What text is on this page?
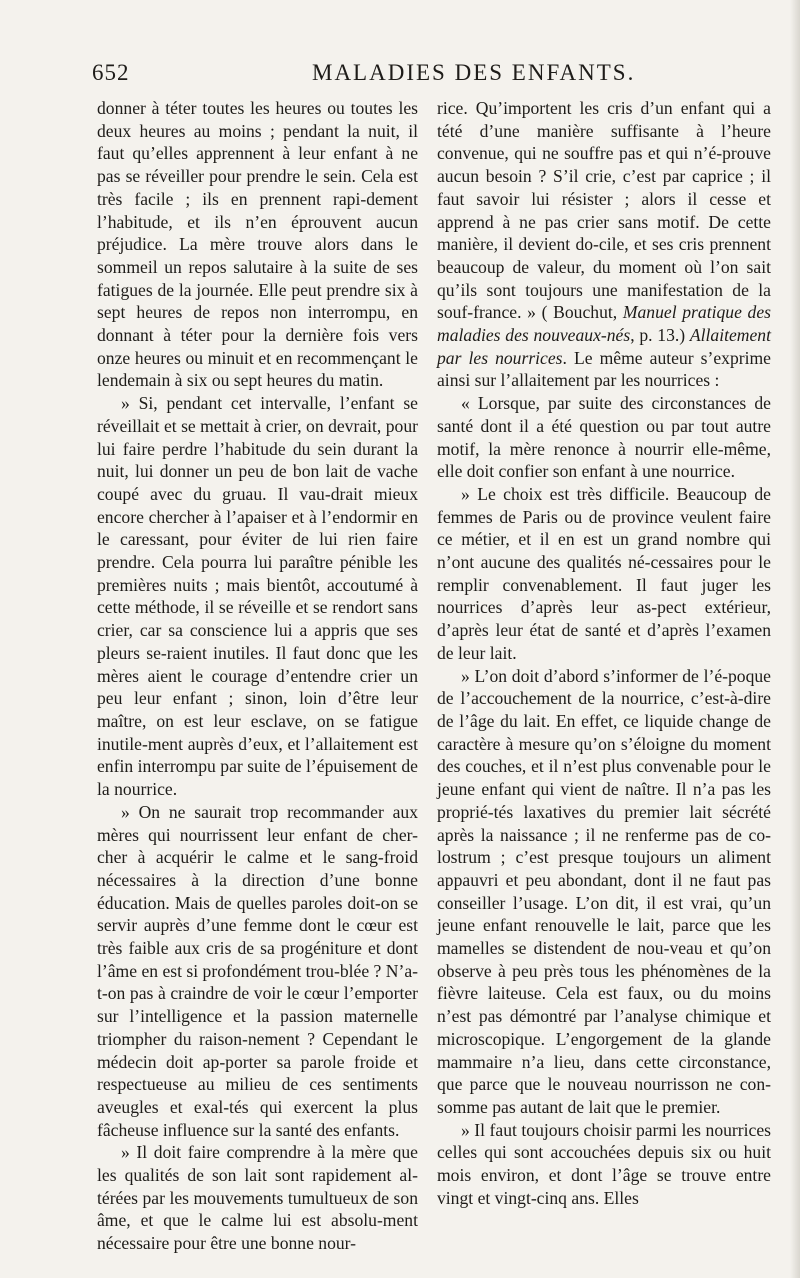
652	MALADIES DES ENFANTS.

donner à téter toutes les heures ou toutes les deux heures au moins ; pendant la nuit, il faut qu’elles apprennent à leur enfant à ne pas se réveiller pour prendre le sein. Cela est très facile ; ils en prennent rapi-dement l’habitude, et ils n’en éprouvent aucun préjudice. La mère trouve alors dans le sommeil un repos salutaire à la suite de ses fatigues de la journée. Elle peut prendre six à sept heures de repos non interrompu, en donnant à téter pour la dernière fois vers onze heures ou minuit et en recommençant le lendemain à six ou sept heures du matin.

» Si, pendant cet intervalle, l’enfant se réveillait et se mettait à crier, on devrait, pour lui faire perdre l’habitude du sein durant la nuit, lui donner un peu de bon lait de vache coupé avec du gruau. Il vau-drait mieux encore chercher à l’apaiser et à l’endormir en le caressant, pour éviter de lui rien faire prendre. Cela pourra lui paraître pénible les premières nuits ; mais bientôt, accoutumé à cette méthode, il se réveille et se rendort sans crier, car sa conscience lui a appris que ses pleurs se-raient inutiles. Il faut donc que les mères aient le courage d’entendre crier un peu leur enfant ; sinon, loin d’être leur maître, on est leur esclave, on se fatigue inutile-ment auprès d’eux, et l’allaitement est enfin interrompu par suite de l’épuisement de la nourrice.

» On ne saurait trop recommander aux mères qui nourrissent leur enfant de cher-cher à acquérir le calme et le sang-froid nécessaires à la direction d’une bonne éducation. Mais de quelles paroles doit-on se servir auprès d’une femme dont le cœur est très faible aux cris de sa progéniture et dont l’âme en est si profondément trou-blée ? N’a-t-on pas à craindre de voir le cœur l’emporter sur l’intelligence et la passion maternelle triompher du raison-nement ? Cependant le médecin doit ap-porter sa parole froide et respectueuse au milieu de ces sentiments aveugles et exal-tés qui exercent la plus fâcheuse influence sur la santé des enfants.

» Il doit faire comprendre à la mère que les qualités de son lait sont rapidement al-térées par les mouvements tumultueux de son âme, et que le calme lui est absolu-ment nécessaire pour être une bonne nour-

rice. Qu’importent les cris d’un enfant qui a tété d’une manière suffisante à l’heure convenue, qui ne souffre pas et qui n’é-prouve aucun besoin ? S’il crie, c’est par caprice ; il faut savoir lui résister ; alors il cesse et apprend à ne pas crier sans motif. De cette manière, il devient do-cile, et ses cris prennent beaucoup de valeur, du moment où l’on sait qu’ils sont toujours une manifestation de la souf-france. » ( Bouchut, Manuel pratique des maladies des nouveaux-nés, p. 13.) Allaitement par les nourrices. Le même auteur s’exprime ainsi sur l’allaitement par les nourrices :

« Lorsque, par suite des circonstances de santé dont il a été question ou par tout autre motif, la mère renonce à nourrir elle-même, elle doit confier son enfant à une nourrice.

» Le choix est très difficile. Beaucoup de femmes de Paris ou de province veulent faire ce métier, et il en est un grand nombre qui n’ont aucune des qualités né-cessaires pour le remplir convenablement. Il faut juger les nourrices d’après leur as-pect extérieur, d’après leur état de santé et d’après l’examen de leur lait.

» L’on doit d’abord s’informer de l’é-poque de l’accouchement de la nourrice, c’est-à-dire de l’âge du lait. En effet, ce liquide change de caractère à mesure qu’on s’éloigne du moment des couches, et il n’est plus convenable pour le jeune enfant qui vient de naître. Il n’a pas les proprié-tés laxatives du premier lait sécrété après la naissance ; il ne renferme pas de co-lostrum ; c’est presque toujours un aliment appauvri et peu abondant, dont il ne faut pas conseiller l’usage. L’on dit, il est vrai, qu’un jeune enfant renouvelle le lait, parce que les mamelles se distendent de nou-veau et qu’on observe à peu près tous les phénomènes de la fièvre laiteuse. Cela est faux, ou du moins n’est pas démontré par l’analyse chimique et microscopique. L’engorgement de la glande mammaire n’a lieu, dans cette circonstance, que parce que le nouveau nourrisson ne con-somme pas autant de lait que le premier.

» Il faut toujours choisir parmi les nourrices celles qui sont accouchées depuis six ou huit mois environ, et dont l’âge se trouve entre vingt et vingt-cinq ans. Elles
